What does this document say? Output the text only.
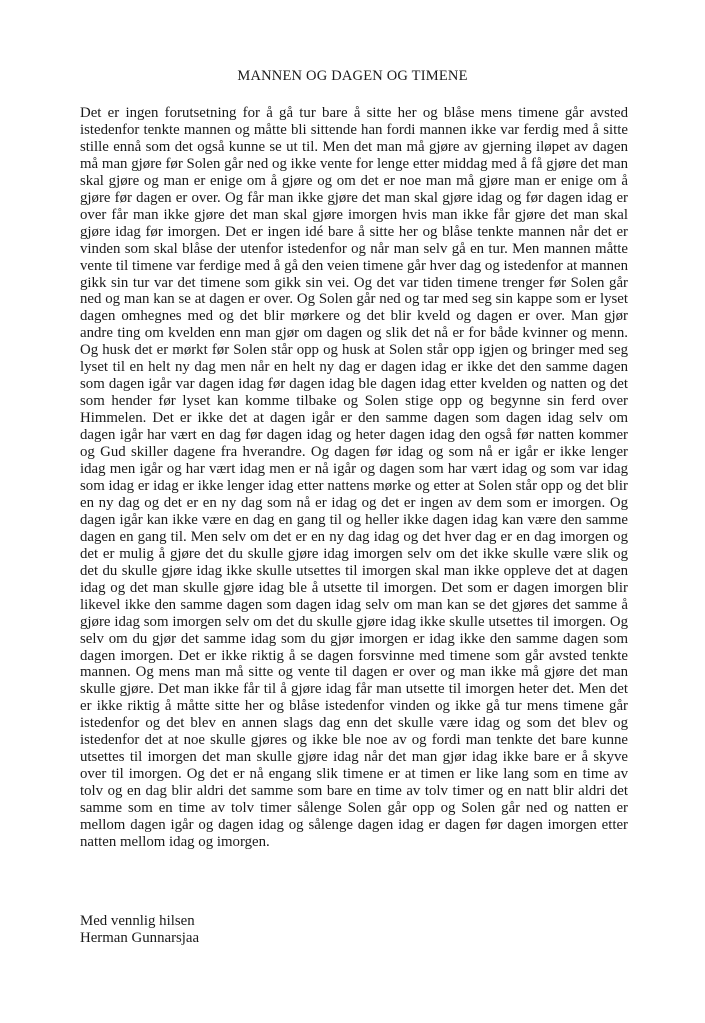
MANNEN OG DAGEN OG TIMENE

Det er ingen forutsetning for å gå tur bare å sitte her og blåse mens timene går avsted istedenfor tenkte mannen og måtte bli sittende han fordi mannen ikke var ferdig med å sitte stille ennå som det også kunne se ut til. Men det man må gjøre av gjerning iløpet av dagen må man gjøre før Solen går ned og ikke vente for lenge etter middag med å få gjøre det man skal gjøre og man er enige om å gjøre og om det er noe man må gjøre man er enige om å gjøre før dagen er over. Og får man ikke gjøre det man skal gjøre idag og før dagen idag er over får man ikke gjøre det man skal gjøre imorgen hvis man ikke får gjøre det man skal gjøre idag før imorgen. Det er ingen idé bare å sitte her og blåse tenkte mannen når det er vinden som skal blåse der utenfor istedenfor og når man selv gå en tur. Men mannen måtte vente til timene var ferdige med å gå den veien timene går hver dag og istedenfor at mannen gikk sin tur var det timene som gikk sin vei. Og det var tiden timene trenger før Solen går ned og man kan se at dagen er over. Og Solen går ned og tar med seg sin kappe som er lyset dagen omhegnes med og det blir mørkere og det blir kveld og dagen er over. Man gjør andre ting om kvelden enn man gjør om dagen og slik det nå er for både kvinner og menn. Og husk det er mørkt før Solen står opp og husk at Solen står opp igjen og bringer med seg lyset til en helt ny dag men når en helt ny dag er dagen idag er ikke det den samme dagen som dagen igår var dagen idag før dagen idag ble dagen idag etter kvelden og natten og det som hender før lyset kan komme tilbake og Solen stige opp og begynne sin ferd over Himmelen. Det er ikke det at dagen igår er den samme dagen som dagen idag selv om dagen igår har vært en dag før dagen idag og heter dagen idag den også før natten kommer og Gud skiller dagene fra hverandre. Og dagen før idag og som nå er igår er ikke lenger idag men igår og har vært idag men er nå igår og dagen som har vært idag og som var idag som idag er idag er ikke lenger idag etter nattens mørke og etter at Solen står opp og det blir en ny dag og det er en ny dag som nå er idag og det er ingen av dem som er imorgen. Og dagen igår kan ikke være en dag en gang til og heller ikke dagen idag kan være den samme dagen en gang til. Men selv om det er en ny dag idag og det hver dag er en dag imorgen og det er mulig å gjøre det du skulle gjøre idag imorgen selv om det ikke skulle være slik og det du skulle gjøre idag ikke skulle utsettes til imorgen skal man ikke oppleve det at dagen idag og det man skulle gjøre idag ble å utsette til imorgen. Det som er dagen imorgen blir likevel ikke den samme dagen som dagen idag selv om man kan se det gjøres det samme å gjøre idag som imorgen selv om det du skulle gjøre idag ikke skulle utsettes til imorgen. Og selv om du gjør det samme idag som du gjør imorgen er idag ikke den samme dagen som dagen imorgen. Det er ikke riktig å se dagen forsvinne med timene som går avsted tenkte mannen. Og mens man må sitte og vente til dagen er over og man ikke må gjøre det man skulle gjøre. Det man ikke får til å gjøre idag får man utsette til imorgen heter det. Men det er ikke riktig å måtte sitte her og blåse istedenfor vinden og ikke gå tur mens timene går istedenfor og det blev en annen slags dag enn det skulle være idag og som det blev og istedenfor det at noe skulle gjøres og ikke ble noe av og fordi man tenkte det bare kunne utsettes til imorgen det man skulle gjøre idag når det man gjør idag ikke bare er å skyve over til imorgen. Og det er nå engang slik timene er at timen er like lang som en time av tolv og en dag blir aldri det samme som bare en time av tolv timer og en natt blir aldri det samme som en time av tolv timer sålenge Solen går opp og Solen går ned og natten er mellom dagen igår og dagen idag og sålenge dagen idag er dagen før dagen imorgen etter natten mellom idag og imorgen.

Med vennlig hilsen
Herman Gunnarsjaa
